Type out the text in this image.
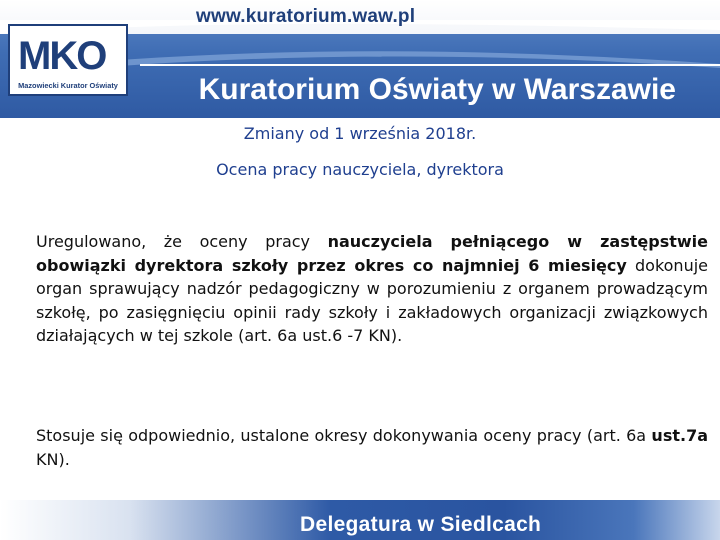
www.kuratorium.waw.pl
MKO
Mazowiecki Kurator Oświaty	Kuratorium Oświaty w Warszawie
Zmiany od 1 września 2018r.
Ocena pracy nauczyciela, dyrektora
Uregulowano, że oceny pracy nauczyciela pełniącego w zastępstwie obowiązki dyrektora szkoły przez okres co najmniej 6 miesięcy dokonuje organ sprawujący nadzór pedagogiczny w porozumieniu z organem prowadzącym szkołę, po zasięgnięciu opinii rady szkoły i zakładowych organizacji związkowych działających w tej szkole (art. 6a ust.6 -7 KN).
Stosuje się odpowiednio, ustalone okresy dokonywania oceny pracy (art. 6a ust.7a KN).
Delegatura w Siedlcach
